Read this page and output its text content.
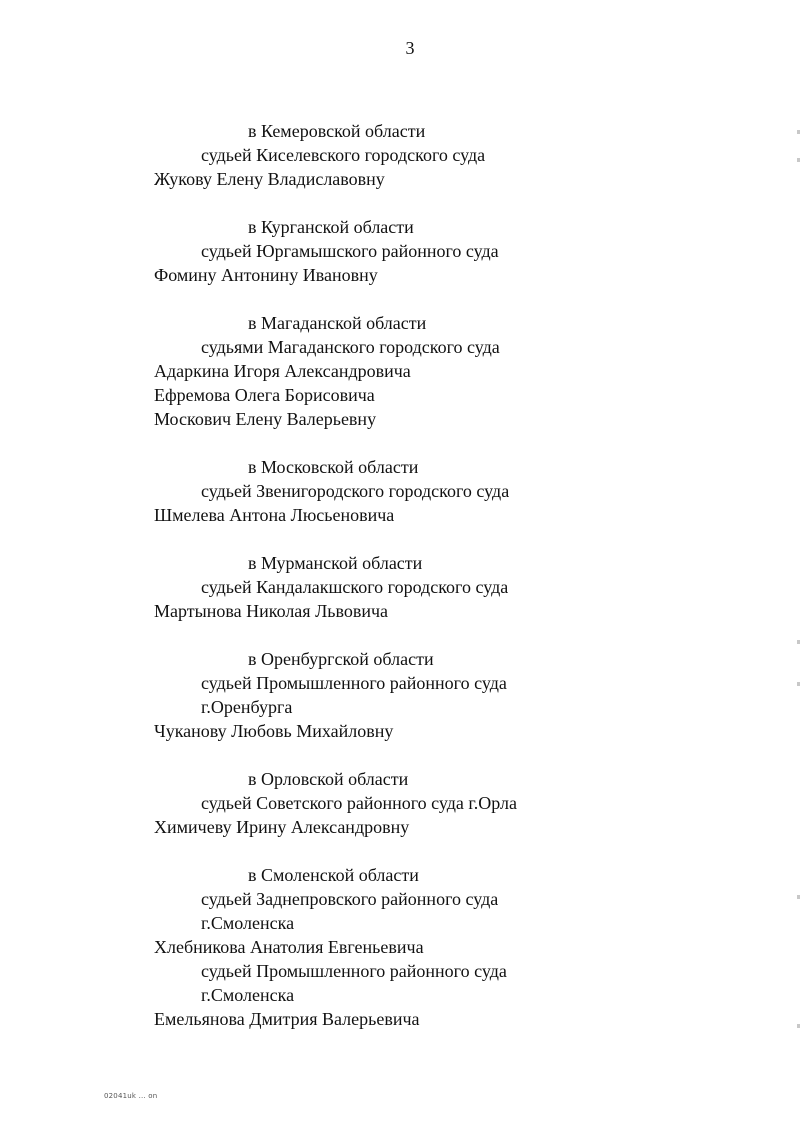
3
в Кемеровской области
судьей Киселевского городского суда
Жукову Елену Владиславовну
в Курганской области
судьей Юргамышского районного суда
Фомину Антонину Ивановну
в Магаданской области
судьями Магаданского городского суда
Адаркина Игоря Александровича
Ефремова Олега Борисовича
Москович Елену Валерьевну
в Московской области
судьей Звенигородского городского суда
Шмелева Антона Люсьеновича
в Мурманской области
судьей Кандалакшского городского суда
Мартынова Николая Львовича
в Оренбургской области
судьей Промышленного районного суда
г.Оренбурга
Чуканову Любовь Михайловну
в Орловской области
судьей Советского районного суда г.Орла
Химичеву Ирину Александровну
в Смоленской области
судьей Заднепровского районного суда
г.Смоленска
Хлебникова Анатолия Евгеньевича
судьей Промышленного районного суда
г.Смоленска
Емельянова Дмитрия Валерьевича
02041uk ... on
